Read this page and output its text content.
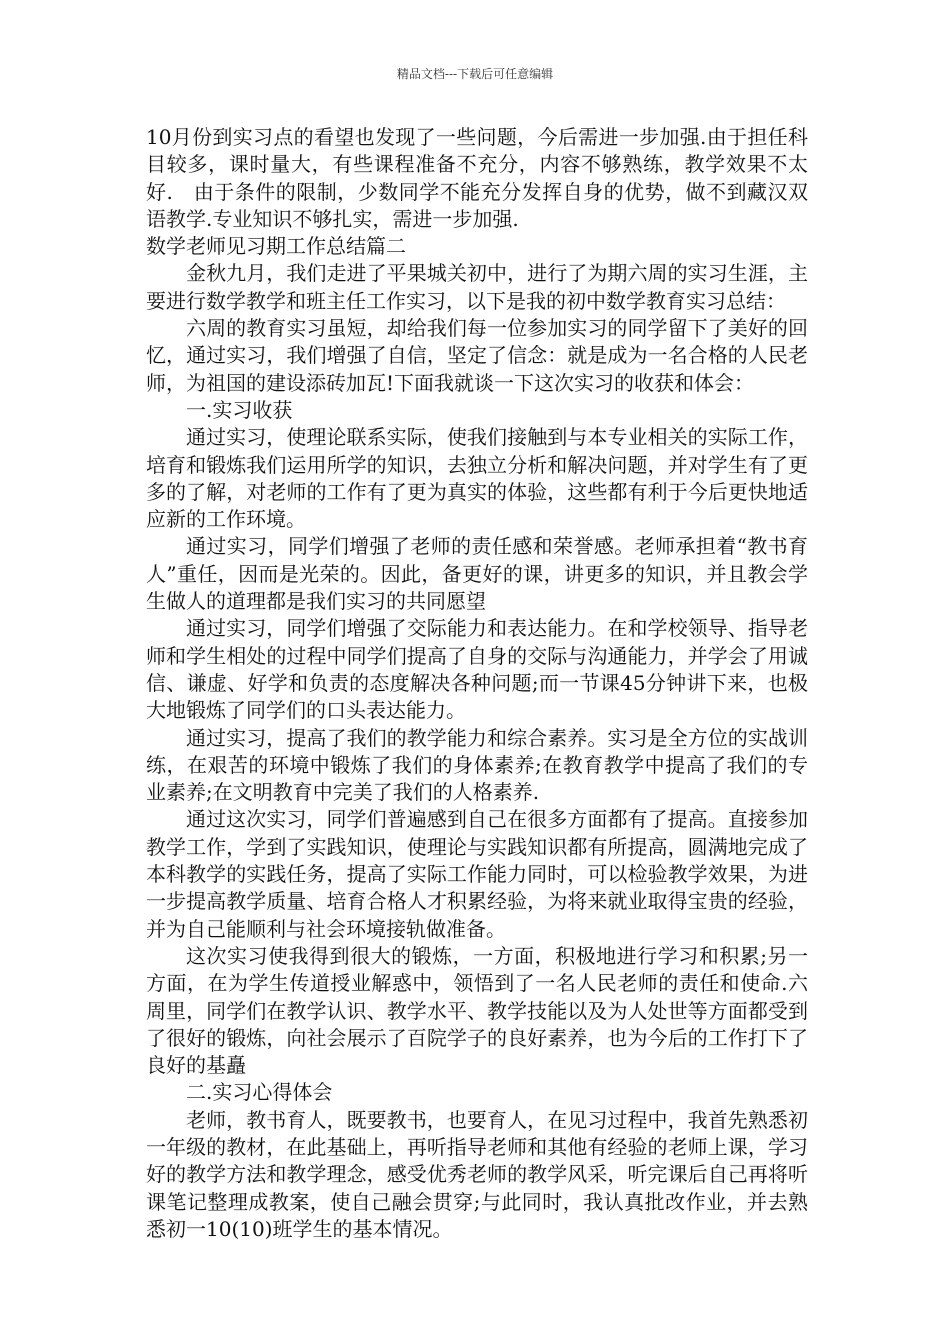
精品文档---下载后可任意编辑

10月份到实习点的看望也发现了一些问题，今后需进一步加强.由于担任科目较多，课时量大，有些课程准备不充分，内容不够熟练，教学效果不太好.　由于条件的限制，少数同学不能充分发挥自身的优势，做不到藏汉双语教学.专业知识不够扎实，需进一步加强.

数学老师见习期工作总结篇二

金秋九月，我们走进了平果城关初中，进行了为期六周的实习生涯，主要进行数学教学和班主任工作实习，以下是我的初中数学教育实习总结：

六周的教育实习虽短，却给我们每一位参加实习的同学留下了美好的回忆，通过实习，我们增强了自信，坚定了信念：就是成为一名合格的人民老师，为祖国的建设添砖加瓦!下面我就谈一下这次实习的收获和体会：

一.实习收获

通过实习，使理论联系实际，使我们接触到与本专业相关的实际工作，培育和锻炼我们运用所学的知识，去独立分析和解决问题，并对学生有了更多的了解，对老师的工作有了更为真实的体验，这些都有利于今后更快地适应新的工作环境。

通过实习，同学们增强了老师的责任感和荣誉感。老师承担着“教书育人”重任，因而是光荣的。因此，备更好的课，讲更多的知识，并且教会学生做人的道理都是我们实习的共同愿望

通过实习，同学们增强了交际能力和表达能力。在和学校领导、指导老师和学生相处的过程中同学们提高了自身的交际与沟通能力，并学会了用诚信、谦虚、好学和负责的态度解决各种问题;而一节课45分钟讲下来，也极大地锻炼了同学们的口头表达能力。

通过实习，提高了我们的教学能力和综合素养。实习是全方位的实战训练，在艰苦的环境中锻炼了我们的身体素养;在教育教学中提高了我们的专业素养;在文明教育中完美了我们的人格素养.

通过这次实习，同学们普遍感到自己在很多方面都有了提高。直接参加教学工作，学到了实践知识，使理论与实践知识都有所提高，圆满地完成了本科教学的实践任务，提高了实际工作能力同时，可以检验教学效果，为进一步提高教学质量、培育合格人才积累经验，为将来就业取得宝贵的经验，并为自己能顺利与社会环境接轨做准备。

这次实习使我得到很大的锻炼，一方面，积极地进行学习和积累;另一方面，在为学生传道授业解惑中，领悟到了一名人民老师的责任和使命.六周里，同学们在教学认识、教学水平、教学技能以及为人处世等方面都受到了很好的锻炼，向社会展示了百院学子的良好素养，也为今后的工作打下了良好的基矗

二.实习心得体会

老师，教书育人，既要教书，也要育人，在见习过程中，我首先熟悉初一年级的教材，在此基础上，再听指导老师和其他有经验的老师上课，学习好的教学方法和教学理念，感受优秀老师的教学风采，听完课后自己再将听课笔记整理成教案，使自己融会贯穿;与此同时，我认真批改作业，并去熟悉初一10(10)班学生的基本情况。
